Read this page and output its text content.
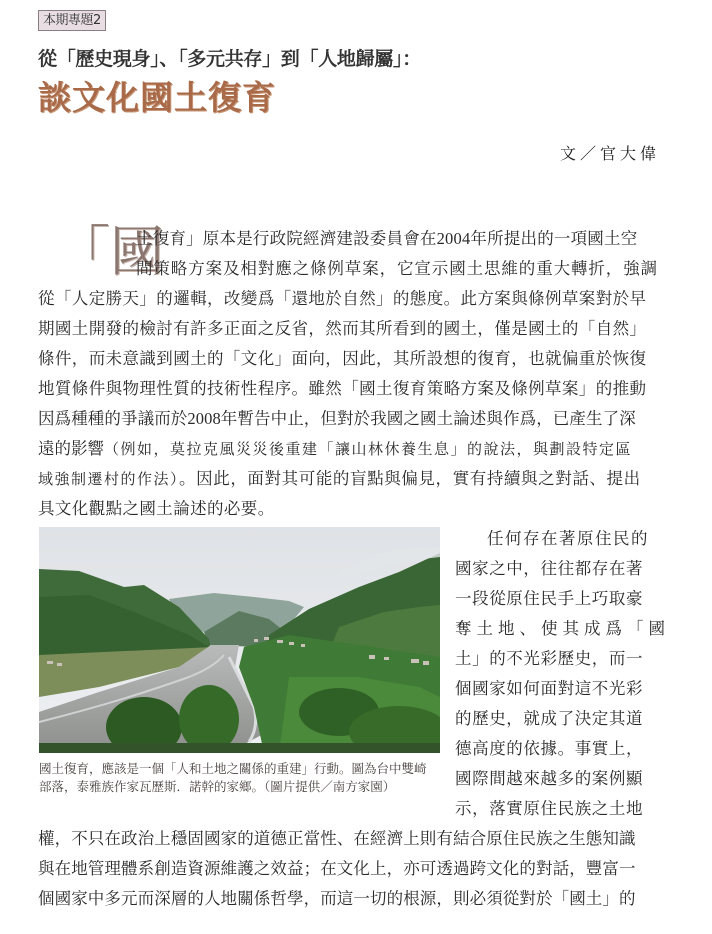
本期專題2
從「歷史現身」、「多元共存」到「人地歸屬」：
談文化國土復育
文／官大偉
「國
土復育」原本是行政院經濟建設委員會在2004年所提出的一項國土空
間策略方案及相對應之條例草案，它宣示國土思維的重大轉折，強調
從「人定勝天」的邏輯，改變爲「還地於自然」的態度。此方案與條例草案對於早
期國土開發的檢討有許多正面之反省，然而其所看到的國土，僅是國土的「自然」
條件，而未意識到國土的「文化」面向，因此，其所設想的復育，也就偏重於恢復
地質條件與物理性質的技術性程序。雖然「國土復育策略方案及條例草案」的推動
因爲種種的爭議而於2008年暫告中止，但對於我國之國土論述與作爲，已產生了深
遠的影響（例如，莫拉克風災災後重建「讓山林休養生息」的說法，與劃設特定區
域強制遷村的作法）。因此，面對其可能的盲點與偏見，實有持續與之對話、提出
具文化觀點之國土論述的必要。
任何存在著原住民的
國家之中，往往都存在著
一段從原住民手上巧取豪
奪土地、使其成爲「國
土」的不光彩歷史，而一
個國家如何面對這不光彩
的歷史，就成了決定其道
德高度的依據。事實上，
國際間越來越多的案例顯
示，落實原住民族之土地
權，不只在政治上穩固國家的道德正當性、在經濟上則有結合原住民族之生態知識
與在地管理體系創造資源維護之效益；在文化上，亦可透過跨文化的對話，豐富一
個國家中多元而深層的人地關係哲學，而這一切的根源，則必須從對於「國土」的
國土復育，應該是一個「人和土地之關係的重建」行動。圖為台中雙崎
部落，泰雅族作家瓦歷斯．諾幹的家鄉。（圖片提供／南方家園）
